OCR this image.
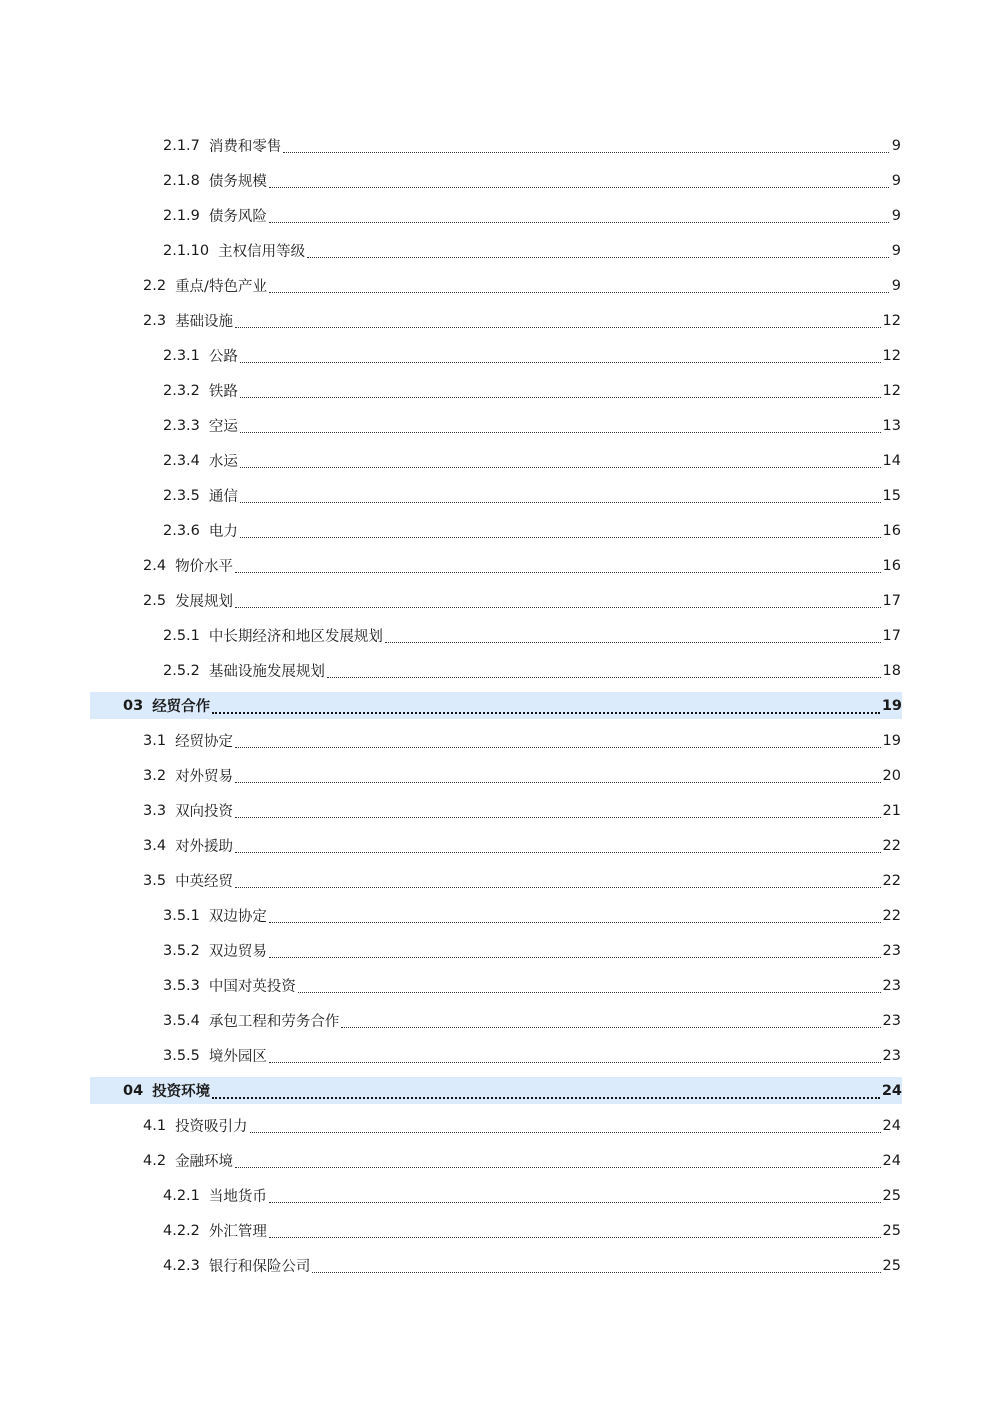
2.1.7 消费和零售	9
2.1.8 债务规模	9
2.1.9 债务风险	9
2.1.10 主权信用等级	9
2.2 重点/特色产业	9
2.3 基础设施	12
2.3.1 公路	12
2.3.2 铁路	12
2.3.3 空运	13
2.3.4 水运	14
2.3.5 通信	15
2.3.6 电力	16
2.4 物价水平	16
2.5 发展规划	17
2.5.1 中长期经济和地区发展规划	17
2.5.2 基础设施发展规划	18
03 经贸合作	19
3.1 经贸协定	19
3.2 对外贸易	20
3.3 双向投资	21
3.4 对外援助	22
3.5 中英经贸	22
3.5.1 双边协定	22
3.5.2 双边贸易	23
3.5.3 中国对英投资	23
3.5.4 承包工程和劳务合作	23
3.5.5 境外园区	23
04 投资环境	24
4.1 投资吸引力	24
4.2 金融环境	24
4.2.1 当地货币	25
4.2.2 外汇管理	25
4.2.3 银行和保险公司	25
